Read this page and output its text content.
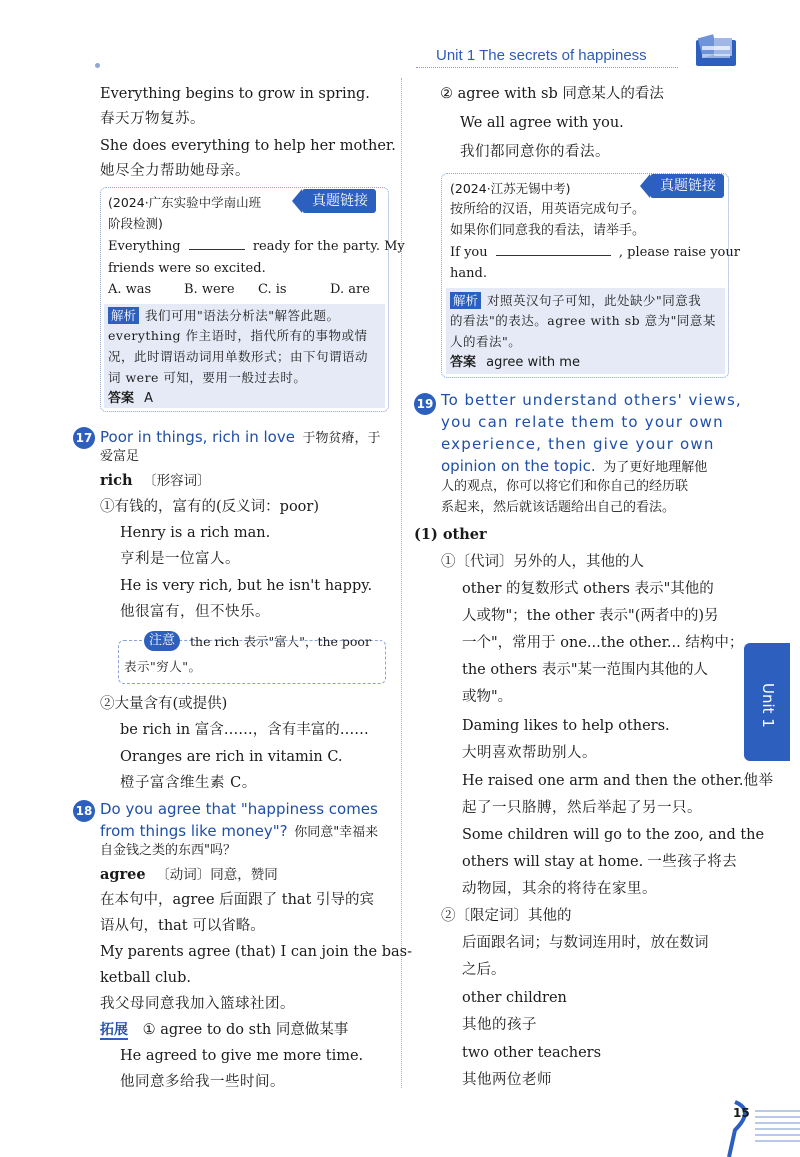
Unit 1 The secrets of happiness
Everything begins to grow in spring.
春天万物复苏。
She does everything to help her mother.
她尽全力帮助她母亲。
真题链接
(2024·广东实验中学南山班
阶段检测)
Everything	ready for the party. My
friends were so excited.
A. was	B. were C. is	D. are
解析 我们可用"语法分析法"解答此题。
everything 作主语时，指代所有的事物或情
况，此时谓语动词用单数形式；由下句谓语动
词 were 可知，要用一般过去时。
答案 A
17 Poor in things, rich in love 于物贫瘠，于
爱富足
rich 〔形容词〕
①有钱的，富有的(反义词：poor)
Henry is a rich man.
亨利是一位富人。
He is very rich, but he isn't happy.
他很富有，但不快乐。
注意	the rich 表示"富人"，the poor
表示"穷人"。
②大量含有(或提供)
be rich in 富含……，含有丰富的……
Oranges are rich in vitamin C.
橙子富含维生素 C。
18 Do you agree that "happiness comes
from things like money"? 你同意"幸福来
自金钱之类的东西"吗？
agree 〔动词〕同意，赞同
在本句中，agree 后面跟了 that 引导的宾
语从句，that 可以省略。
My parents agree (that) I can join the bas-
ketball club.
我父母同意我加入篮球社团。
拓展 ① agree to do sth 同意做某事
He agreed to give me more time.
他同意多给我一些时间。
② agree with sb 同意某人的看法
We all agree with you.
我们都同意你的看法。
真题链接
(2024·江苏无锡中考)
按所给的汉语，用英语完成句子。
如果你们同意我的看法，请举手。
If you	, please raise your
hand.
解析 对照英汉句子可知，此处缺少"同意我
的看法"的表达。agree with sb 意为"同意某
人的看法"。
答案 agree with me
19 To better understand others' views,
you can relate them to your own
experience, then give your own
opinion on the topic. 为了更好地理解他
人的观点，你可以将它们和你自己的经历联
系起来，然后就该话题给出自己的看法。
(1) other
①〔代词〕另外的人，其他的人
other 的复数形式 others 表示"其他的
人或物"；the other 表示"(两者中的)另
一个"，常用于 one...the other... 结构中；
the others 表示"某一范围内其他的人
或物"。
Daming likes to help others.
大明喜欢帮助别人。
He raised one arm and then the other.他举
起了一只胳膊，然后举起了另一只。
Some children will go to the zoo, and the
others will stay at home. 一些孩子将去
动物园，其余的将待在家里。
②〔限定词〕其他的
后面跟名词；与数词连用时，放在数词
之后。
other children
其他的孩子
two other teachers
其他两位老师
Unit 1
15
